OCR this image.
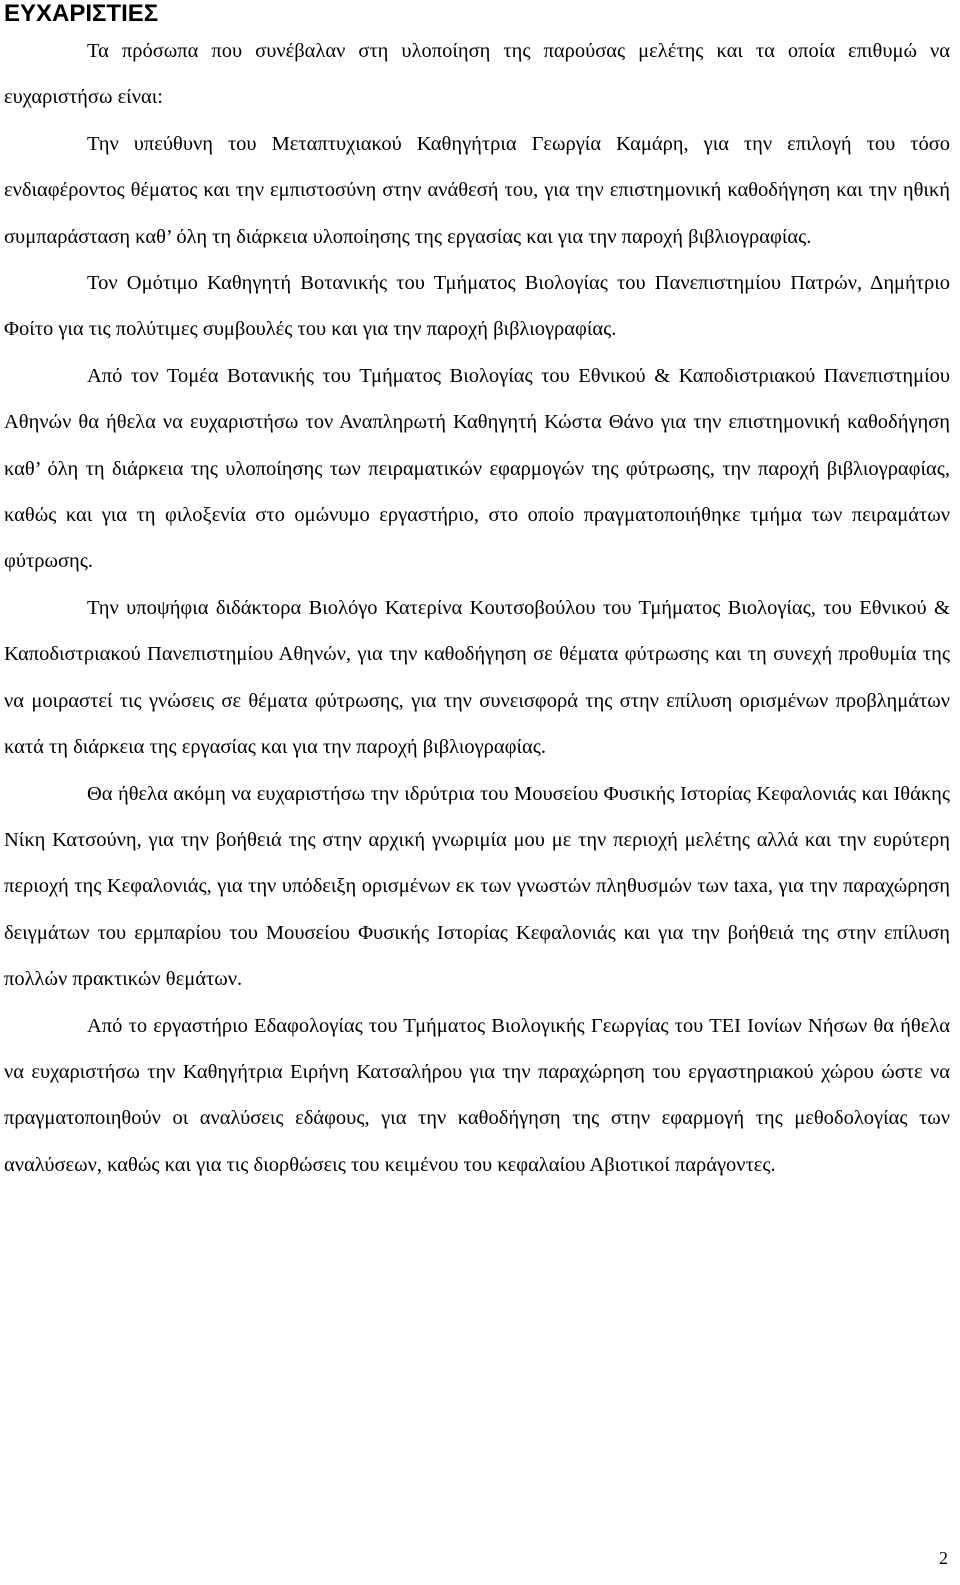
ΕΥΧΑΡΙΣΤΙΕΣ

Τα πρόσωπα που συνέβαλαν στη υλοποίηση της παρούσας μελέτης και τα οποία επιθυμώ να ευχαριστήσω είναι:

Την υπεύθυνη του Μεταπτυχιακού Καθηγήτρια Γεωργία Καμάρη, για την επιλογή του τόσο ενδιαφέροντος θέματος και την εμπιστοσύνη στην ανάθεσή του, για την επιστημονική καθοδήγηση και την ηθική συμπαράσταση καθ’ όλη τη διάρκεια υλοποίησης της εργασίας και για την παροχή βιβλιογραφίας.

Τον Ομότιμο Καθηγητή Βοτανικής του Τμήματος Βιολογίας του Πανεπιστημίου Πατρών, Δημήτριο Φοίτο για τις πολύτιμες συμβουλές του και για την παροχή βιβλιογραφίας.

Από τον Τομέα Βοτανικής του Τμήματος Βιολογίας του Εθνικού & Καποδιστριακού Πανεπιστημίου Αθηνών θα ήθελα να ευχαριστήσω τον Αναπληρωτή Καθηγητή Κώστα Θάνο για την επιστημονική καθοδήγηση καθ’ όλη τη διάρκεια της υλοποίησης των πειραματικών εφαρμογών της φύτρωσης, την παροχή βιβλιογραφίας, καθώς και για τη φιλοξενία στο ομώνυμο εργαστήριο, στο οποίο πραγματοποιήθηκε τμήμα των πειραμάτων φύτρωσης.

Την υποψήφια διδάκτορα Βιολόγο Κατερίνα Κουτσοβούλου του Τμήματος Βιολογίας, του Εθνικού & Καποδιστριακού Πανεπιστημίου Αθηνών, για την καθοδήγηση σε θέματα φύτρωσης και τη συνεχή προθυμία της να μοιραστεί τις γνώσεις σε θέματα φύτρωσης, για την συνεισφορά της στην επίλυση ορισμένων προβλημάτων κατά τη διάρκεια της εργασίας και για την παροχή βιβλιογραφίας.

Θα ήθελα ακόμη να ευχαριστήσω την ιδρύτρια του Μουσείου Φυσικής Ιστορίας Κεφαλονιάς και Ιθάκης Νίκη Κατσούνη, για την βοήθειά της στην αρχική γνωριμία μου με την περιοχή μελέτης αλλά και την ευρύτερη περιοχή της Κεφαλονιάς, για την υπόδειξη ορισμένων εκ των γνωστών πληθυσμών των taxa, για την παραχώρηση δειγμάτων του ερμπαρίου του Μουσείου Φυσικής Ιστορίας Κεφαλονιάς και για την βοήθειά της στην επίλυση πολλών πρακτικών θεμάτων.

Από το εργαστήριο Εδαφολογίας του Τμήματος Βιολογικής Γεωργίας του ΤΕΙ Ιονίων Νήσων θα ήθελα να ευχαριστήσω την Καθηγήτρια Ειρήνη Κατσαλήρου για την παραχώρηση του εργαστηριακού χώρου ώστε να πραγματοποιηθούν οι αναλύσεις εδάφους, για την καθοδήγηση της στην εφαρμογή της μεθοδολογίας των αναλύσεων, καθώς και για τις διορθώσεις του κειμένου του κεφαλαίου Αβιοτικοί παράγοντες.

2
